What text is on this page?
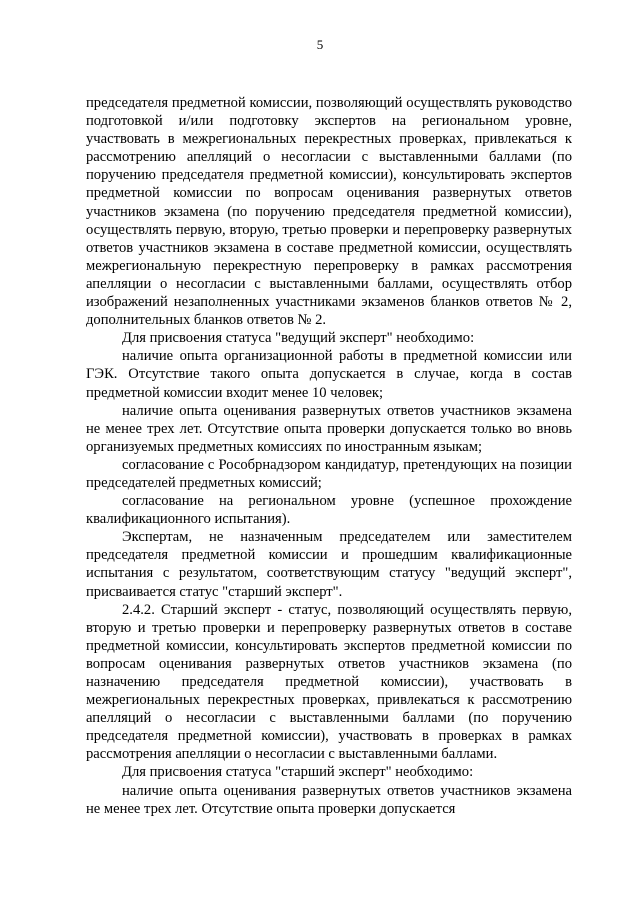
5

председателя предметной комиссии, позволяющий осуществлять руководство подготовкой и/или подготовку экспертов на региональном уровне, участвовать в межрегиональных перекрестных проверках, привлекаться к рассмотрению апелляций о несогласии с выставленными баллами (по поручению председателя предметной комиссии), консультировать экспертов предметной комиссии по вопросам оценивания развернутых ответов участников экзамена (по поручению председателя предметной комиссии), осуществлять первую, вторую, третью проверки и перепроверку развернутых ответов участников экзамена в составе предметной комиссии, осуществлять межрегиональную перекрестную перепроверку в рамках рассмотрения апелляции о несогласии с выставленными баллами, осуществлять отбор изображений незаполненных участниками экзаменов бланков ответов № 2, дополнительных бланков ответов № 2.

Для присвоения статуса "ведущий эксперт" необходимо:

наличие опыта организационной работы в предметной комиссии или ГЭК. Отсутствие такого опыта допускается в случае, когда в состав предметной комиссии входит менее 10 человек;

наличие опыта оценивания развернутых ответов участников экзамена не менее трех лет. Отсутствие опыта проверки допускается только во вновь организуемых предметных комиссиях по иностранным языкам;

согласование с Рособрнадзором кандидатур, претендующих на позиции председателей предметных комиссий;

согласование на региональном уровне (успешное прохождение квалификационного испытания).

Экспертам, не назначенным председателем или заместителем председателя предметной комиссии и прошедшим квалификационные испытания с результатом, соответствующим статусу "ведущий эксперт", присваивается статус "старший эксперт".

2.4.2. Старший эксперт - статус, позволяющий осуществлять первую, вторую и третью проверки и перепроверку развернутых ответов в составе предметной комиссии, консультировать экспертов предметной комиссии по вопросам оценивания развернутых ответов участников экзамена (по назначению председателя предметной комиссии), участвовать в межрегиональных перекрестных проверках, привлекаться к рассмотрению апелляций о несогласии с выставленными баллами (по поручению председателя предметной комиссии), участвовать в проверках в рамках рассмотрения апелляции о несогласии с выставленными баллами.

Для присвоения статуса "старший эксперт" необходимо:

наличие опыта оценивания развернутых ответов участников экзамена не менее трех лет. Отсутствие опыта проверки допускается
